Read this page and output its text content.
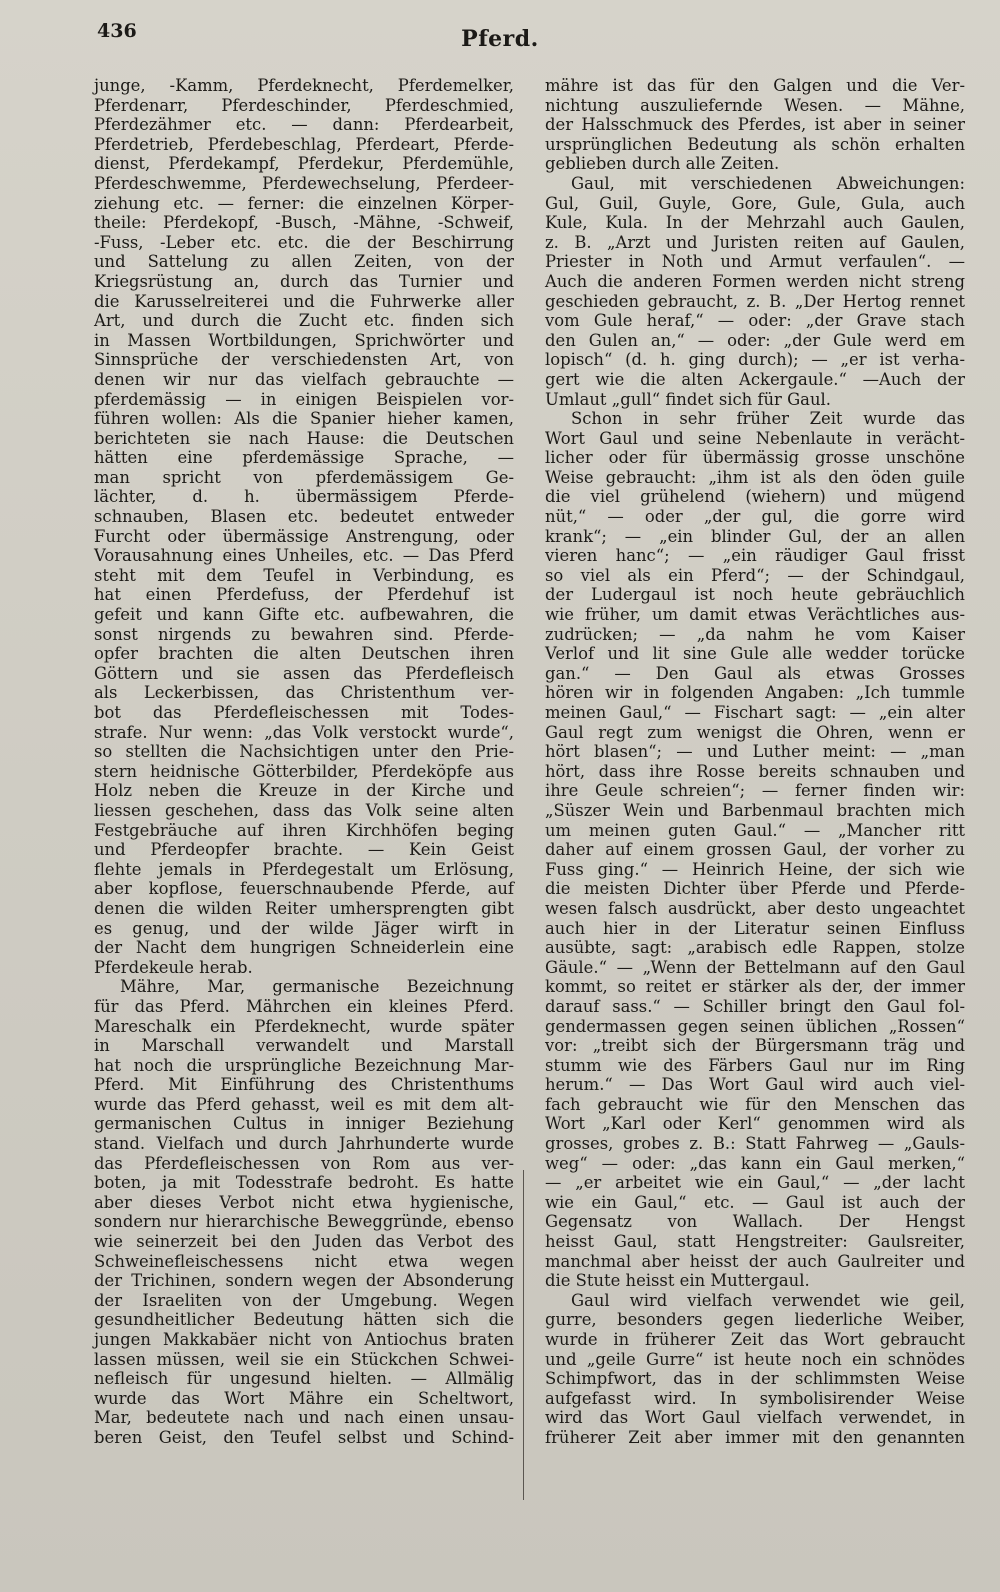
436	Pferd.
junge, -Kamm, Pferdeknecht, Pferdemelker,
Pferdenarr, Pferdeschinder, Pferdeschmied,
Pferdezähmer etc. — dann: Pferdearbeit,
Pferdetrieb, Pferdebeschlag, Pferdeart, Pferde-
dienst, Pferdekampf, Pferdekur, Pferdemühle,
Pferdeschwemme, Pferdewechselung, Pferdeer-
ziehung etc. — ferner: die einzelnen Körper-
theile: Pferdekopf, -Busch, -Mähne, -Schweif,
-Fuss, -Leber etc. etc. die der Beschirrung
und Sattelung zu allen Zeiten, von der
Kriegsrüstung an, durch das Turnier und
die Karusselreiterei und die Fuhrwerke aller
Art, und durch die Zucht etc. finden sich
in Massen Wortbildungen, Sprichwörter und
Sinnsprüche der verschiedensten Art, von
denen wir nur das vielfach gebrauchte —
pferdemässig — in einigen Beispielen vor-
führen wollen: Als die Spanier hieher kamen,
berichteten sie nach Hause: die Deutschen
hätten eine pferdemässige Sprache, —
man spricht von pferdemässigem Ge-
lächter, d. h. übermässigem Pferde-
schnauben, Blasen etc. bedeutet entweder
Furcht oder übermässige Anstrengung, oder
Vorausahnung eines Unheiles, etc. — Das Pferd
steht mit dem Teufel in Verbindung, es
hat einen Pferdefuss, der Pferdehuf ist
gefeit und kann Gifte etc. aufbewahren, die
sonst nirgends zu bewahren sind. Pferde-
opfer brachten die alten Deutschen ihren
Göttern und sie assen das Pferdefleisch
als Leckerbissen, das Christenthum ver-
bot das Pferdefleischessen mit Todes-
strafe. Nur wenn: „das Volk verstockt wurde“,
so stellten die Nachsichtigen unter den Prie-
stern heidnische Götterbilder, Pferdeköpfe aus
Holz neben die Kreuze in der Kirche und
liessen geschehen, dass das Volk seine alten
Festgebräuche auf ihren Kirchhöfen beging
und Pferdeopfer brachte. — Kein Geist
flehte jemals in Pferdegestalt um Erlösung,
aber kopflose, feuerschnaubende Pferde, auf
denen die wilden Reiter umhersprengten gibt
es genug, und der wilde Jäger wirft in
der Nacht dem hungrigen Schneiderlein eine
Pferdekeule herab.
Mähre, Mar, germanische Bezeichnung
für das Pferd. Mährchen ein kleines Pferd.
Mareschalk ein Pferdeknecht, wurde später
in Marschall verwandelt und Marstall
hat noch die ursprüngliche Bezeichnung Mar-
Pferd. Mit Einführung des Christenthums
wurde das Pferd gehasst, weil es mit dem alt-
germanischen Cultus in inniger Beziehung
stand. Vielfach und durch Jahrhunderte wurde
das Pferdefleischessen von Rom aus ver-
boten, ja mit Todesstrafe bedroht. Es hatte
aber dieses Verbot nicht etwa hygienische,
sondern nur hierarchische Beweggründe, ebenso
wie seinerzeit bei den Juden das Verbot des
Schweinefleischessens nicht etwa wegen
der Trichinen, sondern wegen der Absonderung
der Israeliten von der Umgebung. Wegen
gesundheitlicher Bedeutung hätten sich die
jungen Makkabäer nicht von Antiochus braten
lassen müssen, weil sie ein Stückchen Schwei-
nefleisch für ungesund hielten. — Allmälig
wurde das Wort Mähre ein Scheltwort,
Mar, bedeutete nach und nach einen unsau-
beren Geist, den Teufel selbst und Schind-
mähre ist das für den Galgen und die Ver-
nichtung auszuliefernde Wesen. — Mähne,
der Halsschmuck des Pferdes, ist aber in seiner
ursprünglichen Bedeutung als schön erhalten
geblieben durch alle Zeiten.
Gaul, mit verschiedenen Abweichungen:
Gul, Guil, Guyle, Gore, Gule, Gula, auch
Kule, Kula. In der Mehrzahl auch Gaulen,
z. B. „Arzt und Juristen reiten auf Gaulen,
Priester in Noth und Armut verfaulen“. —
Auch die anderen Formen werden nicht streng
geschieden gebraucht, z. B. „Der Hertog rennet
vom Gule heraf,“ — oder: „der Grave stach
den Gulen an,“ — oder: „der Gule werd em
lopisch“ (d. h. ging durch); — „er ist verha-
gert wie die alten Ackergaule.“ —Auch der
Umlaut „gull“ findet sich für Gaul.
Schon in sehr früher Zeit wurde das
Wort Gaul und seine Nebenlaute in verächt-
licher oder für übermässig grosse unschöne
Weise gebraucht: „ihm ist als den öden guile
die viel grühelend (wiehern) und mügend
nüt,“ — oder „der gul, die gorre wird
krank“; — „ein blinder Gul, der an allen
vieren hanc“; — „ein räudiger Gaul frisst
so viel als ein Pferd“; — der Schindgaul,
der Ludergaul ist noch heute gebräuchlich
wie früher, um damit etwas Verächtliches aus-
zudrücken; — „da nahm he vom Kaiser
Verlof und lit sine Gule alle wedder torücke
gan.“ — Den Gaul als etwas Grosses
hören wir in folgenden Angaben: „Ich tummle
meinen Gaul,“ — Fischart sagt: — „ein alter
Gaul regt zum wenigst die Ohren, wenn er
hört blasen“; — und Luther meint: — „man
hört, dass ihre Rosse bereits schnauben und
ihre Geule schreien“; — ferner finden wir:
„Süszer Wein und Barbenmaul brachten mich
um meinen guten Gaul.“ — „Mancher ritt
daher auf einem grossen Gaul, der vorher zu
Fuss ging.“ — Heinrich Heine, der sich wie
die meisten Dichter über Pferde und Pferde-
wesen falsch ausdrückt, aber desto ungeachtet
auch hier in der Literatur seinen Einfluss
ausübte, sagt: „arabisch edle Rappen, stolze
Gäule.“ — „Wenn der Bettelmann auf den Gaul
kommt, so reitet er stärker als der, der immer
darauf sass.“ — Schiller bringt den Gaul fol-
gendermassen gegen seinen üblichen „Rossen“
vor: „treibt sich der Bürgersmann träg und
stumm wie des Färbers Gaul nur im Ring
herum.“ — Das Wort Gaul wird auch viel-
fach gebraucht wie für den Menschen das
Wort „Karl oder Kerl“ genommen wird als
grosses, grobes z. B.: Statt Fahrweg — „Gauls-
weg“ — oder: „das kann ein Gaul merken,“
— „er arbeitet wie ein Gaul,“ — „der lacht
wie ein Gaul,“ etc. — Gaul ist auch der
Gegensatz von Wallach. Der Hengst
heisst Gaul, statt Hengstreiter: Gaulsreiter,
manchmal aber heisst der auch Gaulreiter und
die Stute heisst ein Muttergaul.
Gaul wird vielfach verwendet wie geil,
gurre, besonders gegen liederliche Weiber,
wurde in früherer Zeit das Wort gebraucht
und „geile Gurre“ ist heute noch ein schnödes
Schimpfwort, das in der schlimmsten Weise
aufgefasst wird. In symbolisirender Weise
wird das Wort Gaul vielfach verwendet, in
früherer Zeit aber immer mit den genannten
